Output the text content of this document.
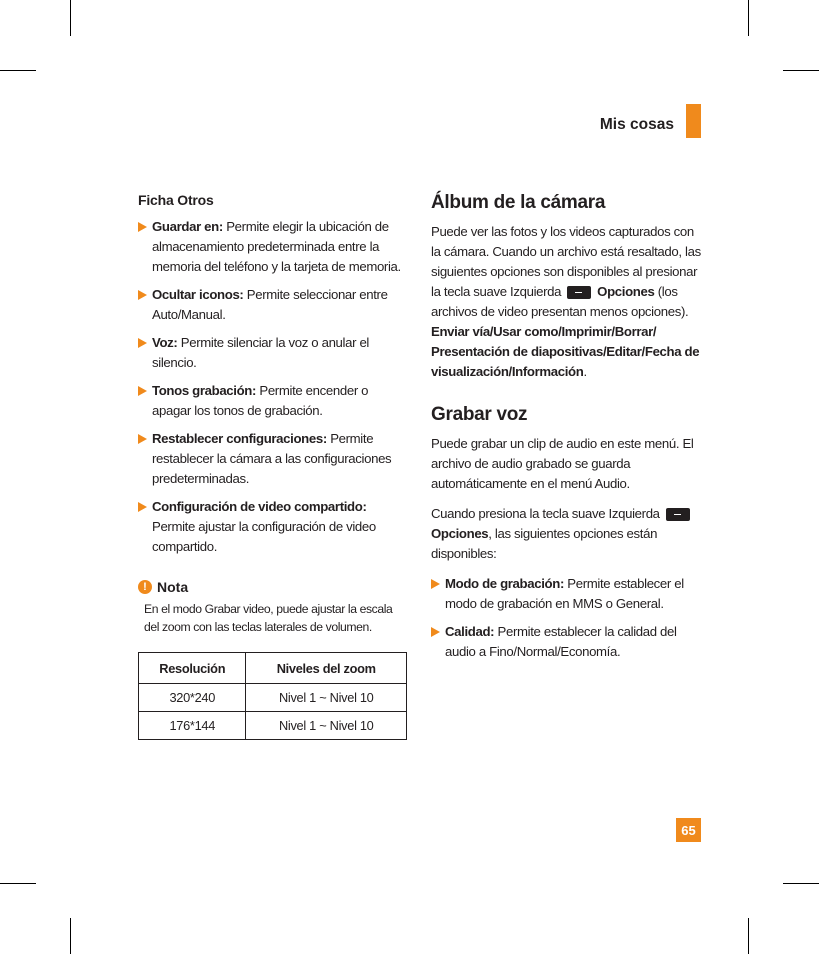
Mis cosas
Ficha Otros
Guardar en: Permite elegir la ubicación de almacenamiento predeterminada entre la memoria del teléfono y la tarjeta de memoria.
Ocultar iconos: Permite seleccionar entre Auto/Manual.
Voz: Permite silenciar la voz o anular el silencio.
Tonos grabación: Permite encender o apagar los tonos de grabación.
Restablecer configuraciones: Permite restablecer la cámara a las configuraciones predeterminadas.
Configuración de video compartido:
Permite ajustar la configuración de video compartido.
! Nota
En el modo Grabar video, puede ajustar la escala del zoom con las teclas laterales de volumen.
Resolución	Niveles del zoom
320*240	Nivel 1 ~ Nivel 10
176*144	Nivel 1 ~ Nivel 10
Álbum de la cámara
Puede ver las fotos y los videos capturados con la cámara. Cuando un archivo está resaltado, las siguientes opciones son disponibles al presionar la tecla suave Izquierda	Opciones (los archivos de video presentan menos opciones). Enviar vía/Usar como/Imprimir/Borrar/ Presentación de diapositivas/Editar/Fecha de visualización/Información.
Grabar voz
Puede grabar un clip de audio en este menú. El archivo de audio grabado se guarda automáticamente en el menú Audio.
Cuando presiona la tecla suave IzquierdaOpciones, las siguientes opciones están disponibles:
Modo de grabación: Permite establecer el modo de grabación en MMS o General.
Calidad: Permite establecer la calidad del audio a Fino/Normal/Economía.
65
